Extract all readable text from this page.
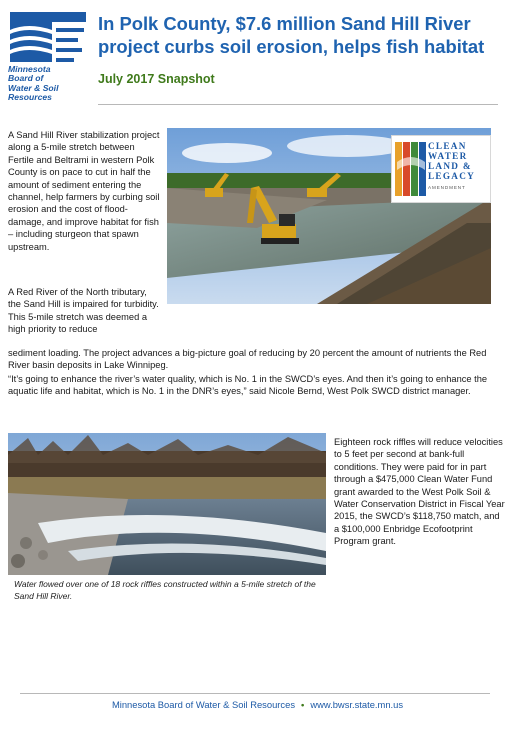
Minnesota
Board of
Water & Soil
Resources
In Polk County, $7.6 million Sand Hill River project curbs soil erosion, helps fish habitat
July 2017 Snapshot
CLEAN
WATER
LAND &
LEGACY
AMENDMENT
A Sand Hill River stabilization project along a 5-mile stretch between Fertile and Beltrami in western Polk County is on pace to cut in half the amount of sediment entering the channel, help farmers by curbing soil erosion and the cost of flood-damage, and improve habitat for fish – including sturgeon that spawn upstream.
A Red River of the North tributary, the Sand Hill is impaired for turbidity. This 5-mile stretch was deemed a high priority to reduce
sediment loading. The project advances a big-picture goal of reducing by 20 percent the amount of nutrients the Red River basin deposits in Lake Winnipeg.
“It’s going to enhance the river’s water quality, which is No. 1 in the SWCD’s eyes. And then it’s going to enhance the aquatic life and habitat, which is No. 1 in the DNR’s eyes,” said Nicole Bernd, West Polk SWCD district manager.
Water flowed over one of 18 rock riffles constructed within a 5-mile stretch of the Sand Hill River.
Eighteen rock riffles will reduce velocities to 5 feet per second at bank-full conditions. They were paid for in part through a $475,000 Clean Water Fund grant awarded to the West Polk Soil & Water Conservation District in Fiscal Year 2015, the SWCD’s $118,750 match, and a $100,000 Enbridge Ecofootprint Program grant.
Minnesota Board of Water & Soil Resources • www.bwsr.state.mn.us
